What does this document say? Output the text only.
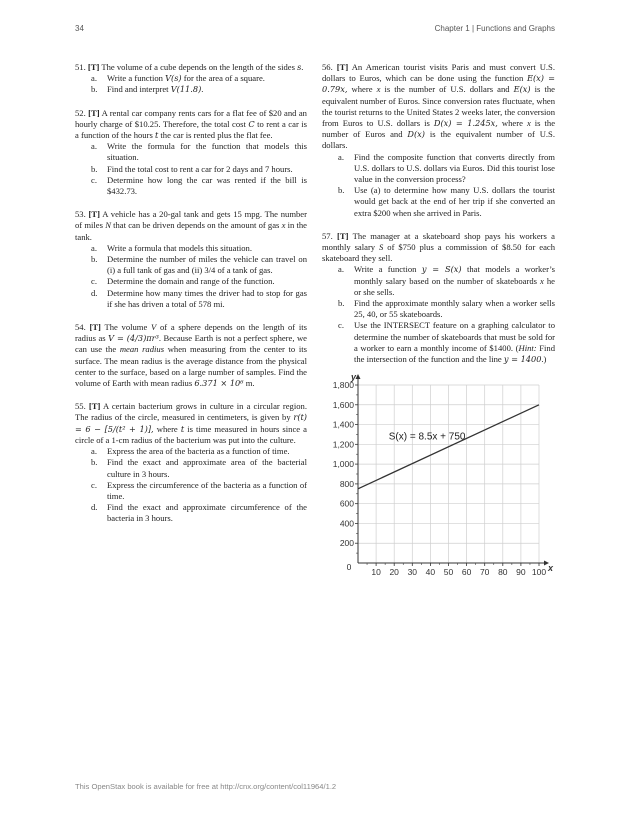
34	Chapter 1 | Functions and Graphs

51. [T] The volume of a cube depends on the length of the sides s.

a. Write a function V(s) for the area of a square.
b. Find and interpret V(11.8).

52. [T] A rental car company rents cars for a flat fee of $20 and an hourly charge of $10.25. Therefore, the total cost C to rent a car is a function of the hours t the car is rented plus the flat fee.

a. Write the formula for the function that models this situation.
b. Find the total cost to rent a car for 2 days and 7 hours.
c. Determine how long the car was rented if the bill is $432.73.

53. [T] A vehicle has a 20-gal tank and gets 15 mpg. The number of miles N that can be driven depends on the amount of gas x in the tank.

a. Write a formula that models this situation.
b. Determine the number of miles the vehicle can travel on (i) a full tank of gas and (ii) 3/4 of a tank of gas.
c. Determine the domain and range of the function.
d. Determine how many times the driver had to stop for gas if she has driven a total of 578 mi.

54. [T] The volume V of a sphere depends on the length of its radius as V = (4/3)πr³. Because Earth is not a perfect sphere, we can use the mean radius when measuring from the center to its surface. The mean radius is the average distance from the physical center to the surface, based on a large number of samples. Find the volume of Earth with mean radius 6.371 × 10⁶ m.

55. [T] A certain bacterium grows in culture in a circular region. The radius of the circle, measured in centimeters, is given by r(t) = 6 − [5/(t² + 1)], where t is time measured in hours since a circle of a 1-cm radius of the bacterium was put into the culture.

a. Express the area of the bacteria as a function of time.
b. Find the exact and approximate area of the bacterial culture in 3 hours.
c. Express the circumference of the bacteria as a function of time.
d. Find the exact and approximate circumference of the bacteria in 3 hours.

56. [T] An American tourist visits Paris and must convert U.S. dollars to Euros, which can be done using the function E(x) = 0.79x, where x is the number of U.S. dollars and E(x) is the equivalent number of Euros. Since conversion rates fluctuate, when the tourist returns to the United States 2 weeks later, the conversion from Euros to U.S. dollars is D(x) = 1.245x, where x is the number of Euros and D(x) is the equivalent number of U.S. dollars.

a. Find the composite function that converts directly from U.S. dollars to U.S. dollars via Euros. Did this tourist lose value in the conversion process?
b. Use (a) to determine how many U.S. dollars the tourist would get back at the end of her trip if she converted an extra $200 when she arrived in Paris.

57. [T] The manager at a skateboard shop pays his workers a monthly salary S of $750 plus a commission of $8.50 for each skateboard they sell.

a. Write a function y = S(x) that models a worker’s monthly salary based on the number of skateboards x he or she sells.
b. Find the approximate monthly salary when a worker sells 25, 40, or 55 skateboards.
c. Use the INTERSECT feature on a graphing calculator to determine the number of skateboards that must be sold for a worker to earn a monthly income of $1400. (Hint: Find the intersection of the function and the line y = 1400.)
10 20 30 40 50 60 70 80 90 100
200
400
600
800
1,000
1,200
1,400
1,600
1,800
0	x
y
S(x) = 8.5x + 750
This OpenStax book is available for free at http://cnx.org/content/col11964/1.2
